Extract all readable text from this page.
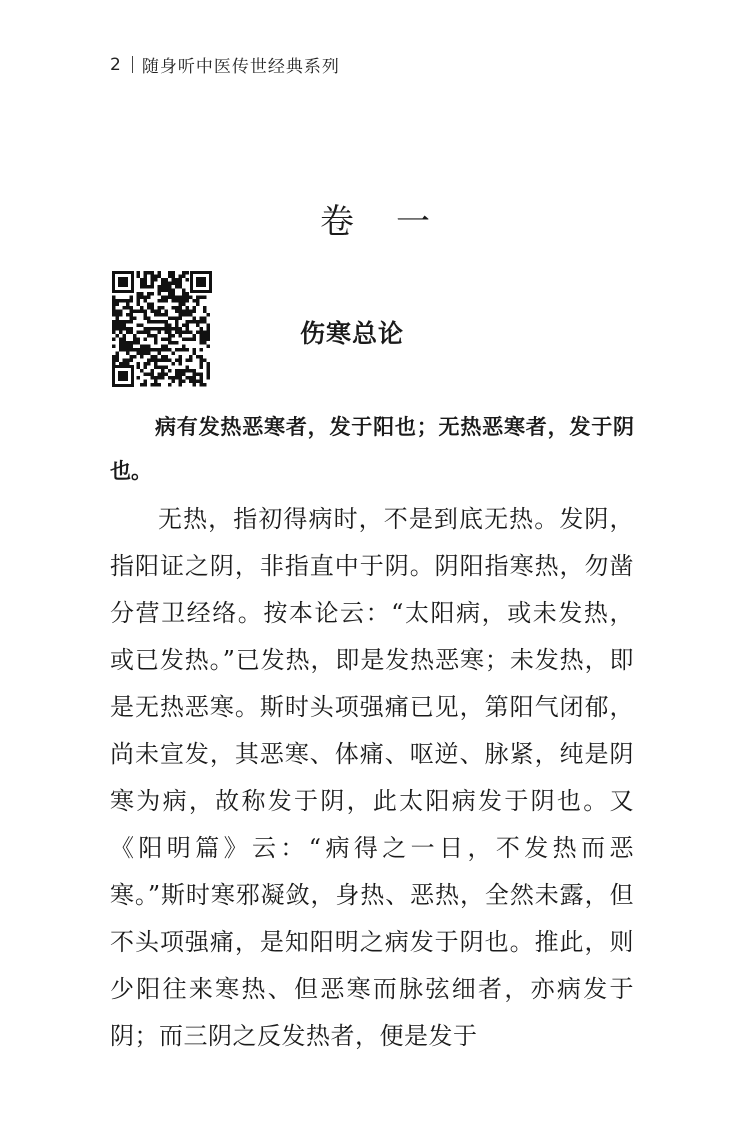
2 随身听中医传世经典系列
卷一
伤寒总论
病有发热恶寒者，发于阳也；无热恶寒者，发于阴也。
无热，指初得病时，不是到底无热。发阴，指阳证之阴，非指直中于阴。阴阳指寒热，勿凿分营卫经络。按本论云：“太阳病，或未发热，或已发热。”已发热，即是发热恶寒；未发热，即是无热恶寒。斯时头项强痛已见，第阳气闭郁，尚未宣发，其恶寒、体痛、呕逆、脉紧，纯是阴寒为病，故称发于阴，此太阳病发于阴也。又《阳明篇》云：“病得之一日，不发热而恶寒。”斯时寒邪凝敛，身热、恶热，全然未露，但不头项强痛，是知阳明之病发于阴也。推此，则少阳往来寒热、但恶寒而脉弦细者，亦病发于阴；而三阴之反发热者，便是发于
